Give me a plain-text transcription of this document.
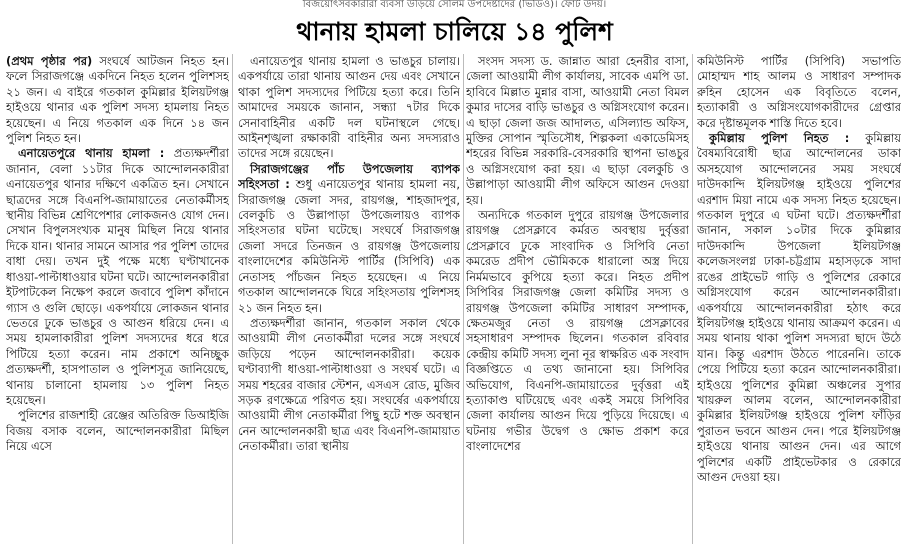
বিজয়োৎসবকারীরা ব্যবসা উড়িয়ে সেলিম উপদেষ্টাদের (ভিডিও)। ফোর্ট উদয়।
থানায় হামলা চালিয়ে ১৪ পুলিশ

(প্রথম পৃষ্ঠার পর) সংঘর্ষে আটজন নিহত হন। ফলে সিরাজগঞ্জে একদিনে নিহত হলেন পুলিশসহ ২১ জন। এ বাইরে গতকাল কুমিল্লার ইলিয়টগঞ্জ হাইওয়ে থানার এক পুলিশ সদস্য হামলায় নিহত হয়েছেন। এ নিয়ে গতকাল এক দিনে ১৪ জন পুলিশ নিহত হন।

এনায়েতপুরে থানায় হামলা : প্রত্যক্ষদর্শীরা জানান, বেলা ১১টার দিকে আন্দোলনকারীরা এনায়েতপুর থানার দক্ষিণে একত্রিত হন। সেখানে ছাত্রদের সঙ্গে বিএনপি-জামায়াতের নেতাকর্মীসহ স্থানীয় বিভিন্ন শ্রেণিপেশার লোকজনও যোগ দেন। সেখান বিপুলসংখ্যক মানুষ মিছিল নিয়ে থানার দিকে যান। থানার সামনে আসার পর পুলিশ তাদের বাধা দেয়। তখন দুই পক্ষে মধ্যে ঘণ্টাখানেক ধাওয়া-পাল্টাধাওয়ার ঘটনা ঘটে। আন্দোলনকারীরা ইটপাটকেল নিক্ষেপ করলে জবাবে পুলিশ কাঁদানে গ্যাস ও গুলি ছোড়ে। একপর্যায়ে লোকজন থানার ভেতরে ঢুকে ভাঙচুর ও আগুন ধরিয়ে দেন। এ সময় হামলাকারীরা পুলিশ সদস্যদের ধরে ধরে পিটিয়ে হত্যা করেন। নাম প্রকাশে অনিচ্ছুক প্রত্যক্ষদর্শী, হাসপাতাল ও পুলিশসূত্র জানিয়েছে, থানায় চালানো হামলায় ১৩ পুলিশ নিহত হয়েছেন।

পুলিশের রাজশাহী রেঞ্জের অতিরিক্ত ডিআইজি বিজয় বসাক বলেন, আন্দোলনকারীরা মিছিল নিয়ে এসে

এনায়েতপুর থানায় হামলা ও ভাঙচুর চালায়। একপর্যায়ে তারা থানায় আগুন দেয় এবং সেখানে থাকা পুলিশ সদস্যদের পিটিয়ে হত্যা করে। তিনি আমাদের সময়কে জানান, সন্ধ্যা ৭টার দিকে সেনাবাহিনীর একটি দল ঘটনাস্থলে গেছে। আইনশৃঙ্খলা রক্ষাকারী বাহিনীর অন্য সদস্যরাও তাদের সঙ্গে রয়েছেন।

সিরাজগঞ্জের পাঁচ উপজেলায় ব্যাপক সহিংসতা : শুধু এনায়েতপুর থানায় হামলা নয়, সিরাজগঞ্জ জেলা সদর, রায়গঞ্জ, শাহজাদপুর, বেলকুচি ও উল্লাপাড়া উপজেলায়ও ব্যাপক সহিংসতার ঘটনা ঘটেছে। সংঘর্ষে সিরাজগঞ্জ জেলা সদরে তিনজন ও রায়গঞ্জ উপজেলায় বাংলাদেশের কমিউনিস্ট পার্টির (সিপিবি) এক নেতাসহ পাঁচজন নিহত হয়েছেন। এ নিয়ে গতকাল আন্দোলনকে ঘিরে সহিংসতায় পুলিশসহ ২১ জন নিহত হন।

প্রত্যক্ষদর্শীরা জানান, গতকাল সকাল থেকে আওয়ামী লীগ নেতাকর্মীরা দলের সঙ্গে সংঘর্ষে জড়িয়ে পড়েন আন্দোলনকারীরা। কয়েক ঘণ্টাব্যাপী ধাওয়া-পাল্টাধাওয়া ও সংঘর্ষ ঘটে। এ সময় শহরের বাজার স্টেশন, এসএস রোড, মুজিব সড়ক রণক্ষেত্রে পরিণত হয়। সংঘর্ষের একপর্যায়ে আওয়ামী লীগ নেতাকর্মীরা পিছু হটে শক্ত অবস্থান নেন আন্দোলনকারী ছাত্র এবং বিএনপি-জামায়াত নেতাকর্মীরা। তারা স্থানীয়

সংসদ সদস্য ড. জান্নাত আরা হেনরীর বাসা, জেলা আওয়ামী লীগ কার্যালয়, সাবেক এমপি ডা. হাবিবে মিল্লাত মুন্নার বাসা, আওয়ামী নেতা বিমল কুমার দাসের বাড়ি ভাঙচুর ও অগ্নিসংযোগ করেন। এ ছাড়া জেলা জজ আদালত, এসিল্যান্ড অফিস, মুক্তির সোপান স্মৃতিসৌধ, শিল্পকলা একাডেমিসহ শহরের বিভিন্ন সরকারি-বেসরকারি স্থাপনা ভাঙচুর ও অগ্নিসংযোগ করা হয়। এ ছাড়া বেলকুচি ও উল্লাপাড়া আওয়ামী লীগ অফিসে আগুন দেওয়া হয়।

অন্যদিকে গতকাল দুপুরে রায়গঞ্জ উপজেলার রায়গঞ্জ প্রেসক্লাবে কর্মরত অবস্থায় দুর্বৃত্তরা প্রেসক্লাবে ঢুকে সাংবাদিক ও সিপিবি নেতা কমরেড প্রদীপ ভৌমিককে ধারালো অস্ত্র দিয়ে নির্মমভাবে কুপিয়ে হত্যা করে। নিহত প্রদীপ সিপিবির সিরাজগঞ্জ জেলা কমিটির সদস্য ও রায়গঞ্জ উপজেলা কমিটির সাধারণ সম্পাদক, ক্ষেতমজুর নেতা ও রায়গঞ্জ প্রেসক্লাবের সহসাধারণ সম্পাদক ছিলেন। গতকাল রবিবার কেন্দ্রীয় কমিটি সদস্য লুনা নূর স্বাক্ষরিত এক সংবাদ বিজ্ঞপ্তিতে এ তথ্য জানানো হয়। সিপিবির অভিযোগ, বিএনপি-জামায়াতের দুর্বৃত্তরা এই হত্যাকাণ্ড ঘটিয়েছে এবং একই সময়ে সিপিবির জেলা কার্যালয় আগুন দিয়ে পুড়িয়ে দিয়েছে। এ ঘটনায় গভীর উদ্বেগ ও ক্ষোভ প্রকাশ করে বাংলাদেশের

কমিউনিস্ট পার্টির (সিপিবি) সভাপতি মোহাম্মদ শাহ আলম ও সাধারণ সম্পাদক রুহিন হোসেন এক বিবৃতিতে বলেন, হত্যাকারী ও অগ্নিসংযোগকারীদের গ্রেপ্তার করে দৃষ্টান্তমূলক শাস্তি দিতে হবে।

কুমিল্লায় পুলিশ নিহত : কুমিল্লায় বৈষম্যবিরোধী ছাত্র আন্দোলনের ডাকা অসহযোগ আন্দোলনের সময় সংঘর্ষে দাউদকান্দি ইলিয়টগঞ্জ হাইওয়ে পুলিশের এরশাদ মিয়া নামে এক সদস্য নিহত হয়েছেন। গতকাল দুপুরে এ ঘটনা ঘটে। প্রত্যক্ষদর্শীরা জানান, সকাল ১০টার দিকে কুমিল্লার দাউদকান্দি উপজেলা ইলিয়টগঞ্জ কলেজসংলগ্ন ঢাকা-চট্টগ্রাম মহাসড়কে সাদা রঙের প্রাইভেট গাড়ি ও পুলিশের রেকারে অগ্নিসংযোগ করেন আন্দোলনকারীরা। একপর্যায়ে আন্দোলনকারীরা হঠাৎ করে ইলিয়টগঞ্জ হাইওয়ে থানায় আক্রমণ করেন। এ সময় থানায় থাকা পুলিশ সদস্যরা ছাদে উঠে যান। কিন্তু এরশাদ উঠতে পারেননি। তাকে পেয়ে পিটিয়ে হত্যা করেন আন্দোলনকারীরা। হাইওয়ে পুলিশের কুমিল্লা অঞ্চলের সুপার খায়রুল আলম বলেন, আন্দোলনকারীরা কুমিল্লার ইলিয়টগঞ্জ হাইওয়ে পুলিশ ফাঁড়ির পুরাতন ভবনে আগুন দেন। পরে ইলিয়টগঞ্জ হাইওয়ে থানায় আগুন দেন। এর আগে পুলিশের একটি প্রাইভেটকার ও রেকারে আগুন দেওয়া হয়।
